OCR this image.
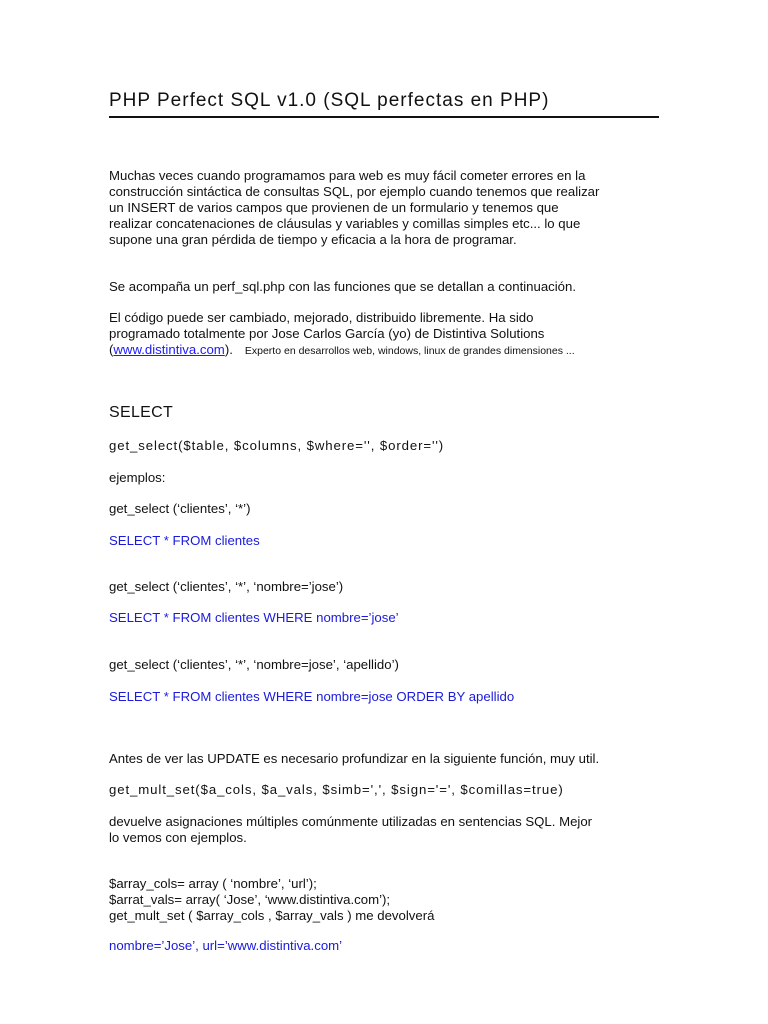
PHP Perfect SQL v1.0 (SQL perfectas en PHP)
Muchas veces cuando programamos para web es muy fácil cometer errores en la
construcción sintáctica de consultas SQL, por ejemplo cuando tenemos que realizar
un INSERT de varios campos que provienen de un formulario y tenemos que
realizar concatenaciones de cláusulas y variables y comillas simples etc... lo que
supone una gran pérdida de tiempo y eficacia a la hora de programar.
Se acompaña un perf_sql.php con las funciones que se detallan a continuación.
El código puede ser cambiado, mejorado, distribuido libremente. Ha sido
programado totalmente por Jose Carlos García (yo) de Distintiva Solutions
(www.distintiva.com). Experto en desarrollos web, windows, linux de grandes dimensiones ...
SELECT
get_select($table, $columns, $where='', $order='')
ejemplos:
get_select (‘clientes’, ‘*’)
SELECT * FROM clientes
get_select (‘clientes’, ‘*’, ‘nombre=’jose’)
SELECT * FROM clientes WHERE nombre=’jose’
get_select (‘clientes’, ‘*’, ‘nombre=jose’, ‘apellido’)
SELECT * FROM clientes WHERE nombre=jose ORDER BY apellido
Antes de ver las UPDATE es necesario profundizar en la siguiente función, muy util.
get_mult_set($a_cols, $a_vals, $simb=',', $sign='=', $comillas=true)
devuelve asignaciones múltiples comúnmente utilizadas en sentencias SQL. Mejor
lo vemos con ejemplos.
$array_cols= array ( ‘nombre’, ‘url’);
$arrat_vals= array( ‘Jose’, ‘www.distintiva.com’);
get_mult_set ( $array_cols , $array_vals ) me devolverá
nombre=’Jose’, url=’www.distintiva.com’
